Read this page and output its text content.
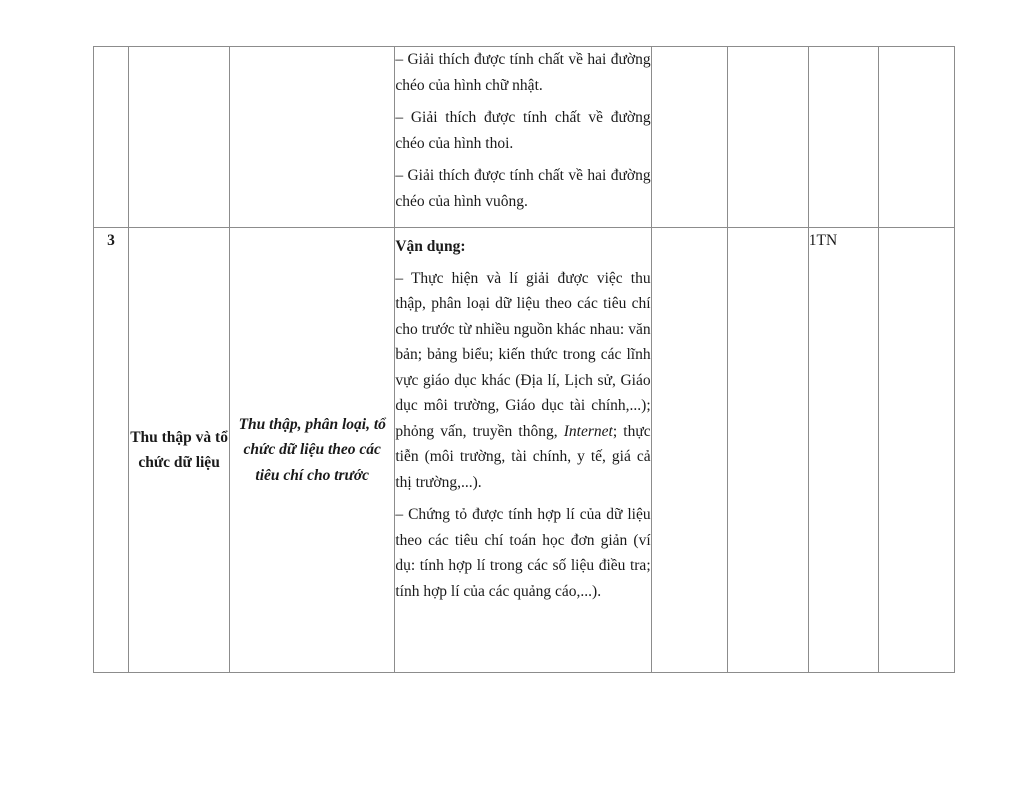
			– Giải thích được tính chất về hai đường chéo của hình chữ nhật.
– Giải thích được tính chất về đường chéo của hình thoi.
– Giải thích được tính chất về hai đường chéo của hình vuông.				

3	Thu thập và tổ chức dữ liệu	Thu thập, phân loại, tổ chức dữ liệu theo các tiêu chí cho trước	Vận dụng:
– Thực hiện và lí giải được việc thu thập, phân loại dữ liệu theo các tiêu chí cho trước từ nhiều nguồn khác nhau: văn bản; bảng biểu; kiến thức trong các lĩnh vực giáo dục khác (Địa lí, Lịch sử, Giáo dục môi trường, Giáo dục tài chính,...); phỏng vấn, truyền thông, Internet; thực tiễn (môi trường, tài chính, y tế, giá cả thị trường,...).
– Chứng tỏ được tính hợp lí của dữ liệu theo các tiêu chí toán học đơn giản (ví dụ: tính hợp lí trong các số liệu điều tra; tính hợp lí của các quảng cáo,...).			1TN	
